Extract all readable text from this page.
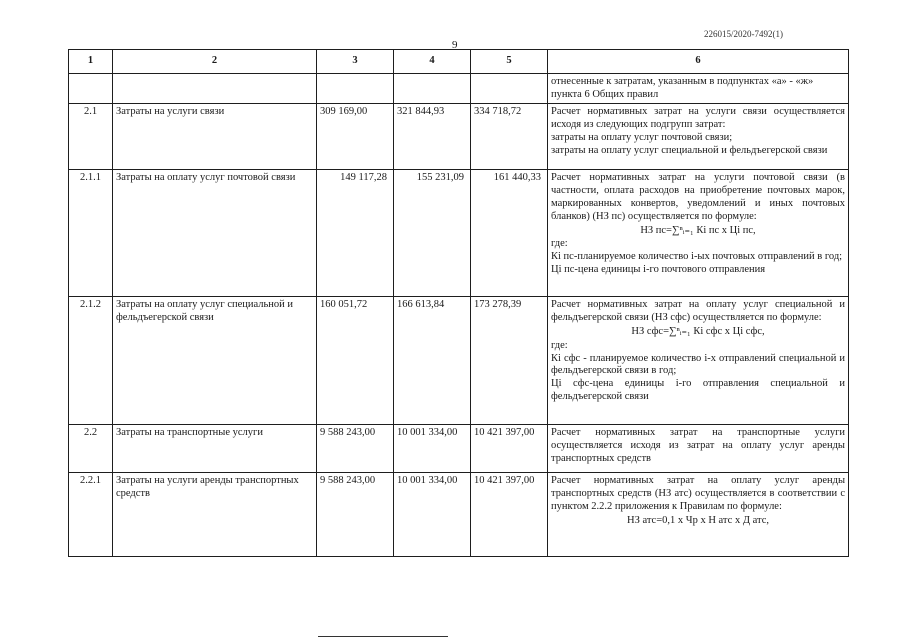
226015/2020-7492(1)
9
1	2	3	4	5	6

					отнесенные к затратам, указанным в подпунктах «а» - «ж» пункта 6 Общих правил

2.1	Затраты на услуги связи	309 169,00	321 844,93	334 718,72	Расчет нормативных затрат на услуги связи осуществляется исходя из следующих подгрупп затрат:
затраты на оплату услуг почтовой связи;
затраты на оплату услуг специальной и фельдъегерской связи

2.1.1	Затраты на оплату услуг почтовой связи	149 117,28	155 231,09	161 440,33	Расчет нормативных затрат на услуги почтовой связи (в частности, оплата расходов на приобретение почтовых марок, маркированных конвертов, уведомлений и иных почтовых бланков) (НЗ пс) осуществляется по формуле:
НЗ пс=∑ⁿᵢ₌₁ Кi пс х Цi пс,
где:
Кi пс-планируемое количество i-ых почтовых отправлений в год;
Цi пс-цена единицы i-го почтового отправления

2.1.2	Затраты на оплату услуг специальной и фельдъегерской связи	160 051,72	166 613,84	173 278,39	Расчет нормативных затрат на оплату услуг специальной и фельдъегерской связи (НЗ сфс) осуществляется по формуле:
НЗ сфс=∑ⁿᵢ₌₁ Кi сфс х Цi сфс,
где:
Кi сфс - планируемое количество i-х отправлений специальной и фельдъегерской связи в год;
Цi сфс-цена единицы i-го отправления специальной и фельдъегерской связи

2.2	Затраты на транспортные услуги	9 588 243,00	10 001 334,00	10 421 397,00	Расчет нормативных затрат на транспортные услуги осуществляется исходя из затрат на оплату услуг аренды транспортных средств

2.2.1	Затраты на услуги аренды транспортных средств	9 588 243,00	10 001 334,00	10 421 397,00	Расчет нормативных затрат на оплату услуг аренды транспортных средств (НЗ атс) осуществляется в соответствии с пунктом 2.2.2 приложения к Правилам по формуле:
НЗ атс=0,1 х Чр х Н атс х Д атс,
